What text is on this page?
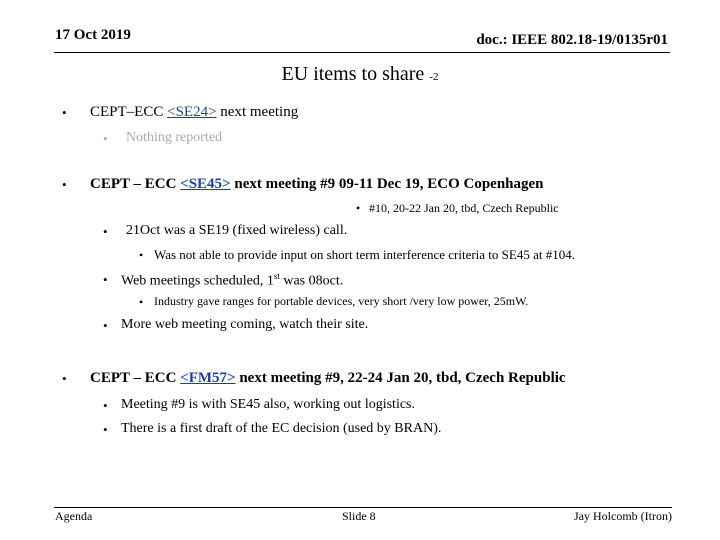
17 Oct 2019	doc.: IEEE 802.18-19/0135r01
EU items to share -2
• CEPT–ECC <SE24> next meeting
• Nothing reported
• CEPT – ECC <SE45> next meeting #9 09-11 Dec 19, ECO Copenhagen
• #10, 20-22 Jan 20, tbd, Czech Republic
• 21Oct was a SE19 (fixed wireless) call.
• Was not able to provide input on short term interference criteria to SE45 at #104.
• Web meetings scheduled, 1st was 08oct.
• Industry gave ranges for portable devices, very short /very low power, 25mW.
• More web meeting coming, watch their site.
• CEPT – ECC <FM57> next meeting #9, 22-24 Jan 20, tbd, Czech Republic
• Meeting #9 is with SE45 also, working out logistics.
• There is a first draft of the EC decision (used by BRAN).
Agenda	Slide 8	Jay Holcomb (Itron)
